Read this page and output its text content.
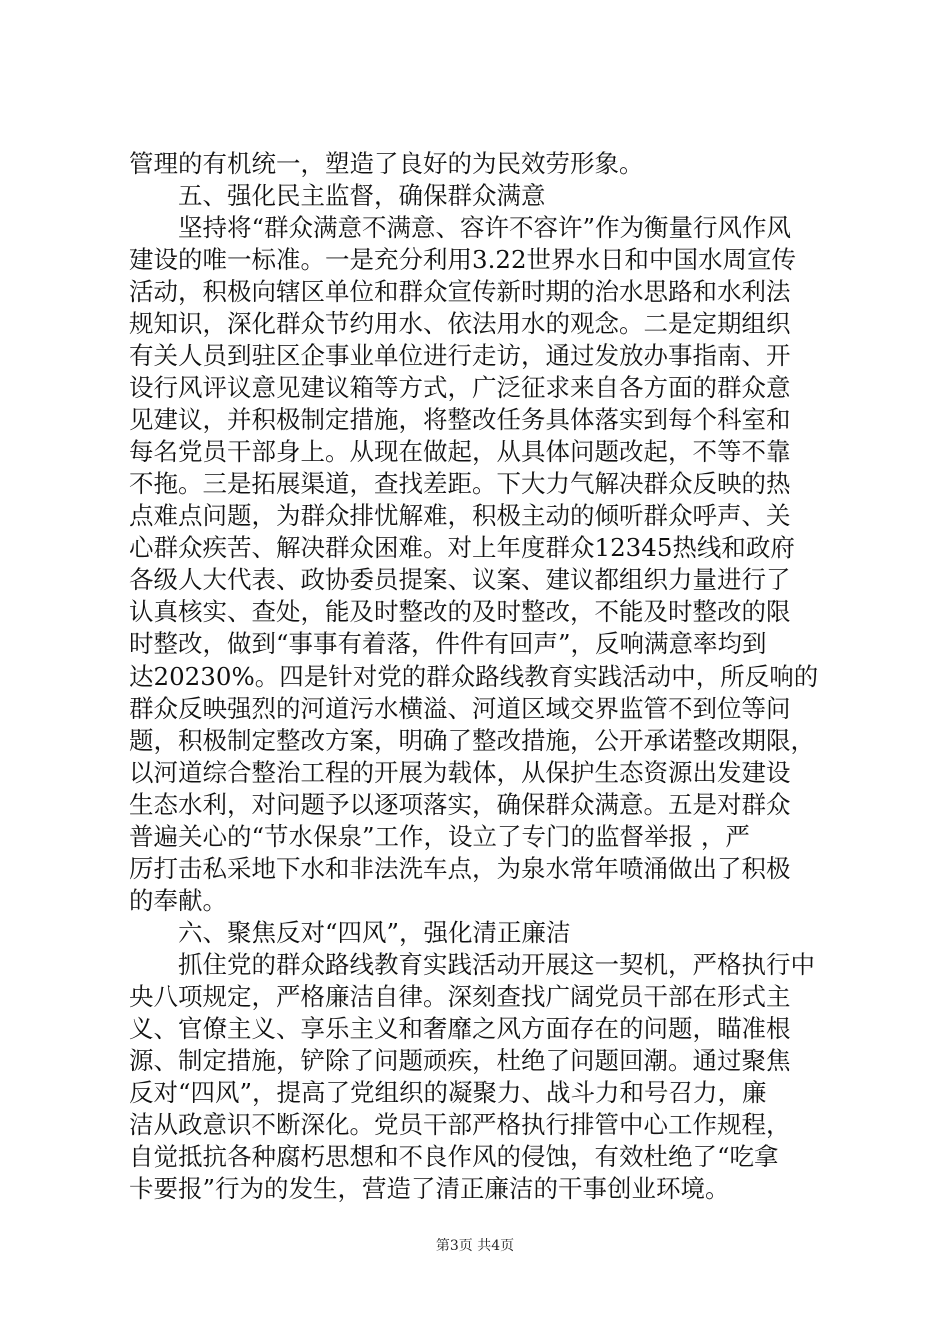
管理的有机统一，塑造了良好的为民效劳形象。
五、强化民主监督，确保群众满意
坚持将“群众满意不满意、容许不容许”作为衡量行风作风
建设的唯一标准。一是充分利用3.22世界水日和中国水周宣传
活动，积极向辖区单位和群众宣传新时期的治水思路和水利法
规知识，深化群众节约用水、依法用水的观念。二是定期组织
有关人员到驻区企事业单位进行走访，通过发放办事指南、开
设行风评议意见建议箱等方式，广泛征求来自各方面的群众意
见建议，并积极制定措施，将整改任务具体落实到每个科室和
每名党员干部身上。从现在做起，从具体问题改起，不等不靠
不拖。三是拓展渠道，查找差距。下大力气解决群众反映的热
点难点问题，为群众排忧解难，积极主动的倾听群众呼声、关
心群众疾苦、解决群众困难。对上年度群众12345热线和政府
各级人大代表、政协委员提案、议案、建议都组织力量进行了
认真核实、查处，能及时整改的及时整改，不能及时整改的限
时整改，做到“事事有着落，件件有回声”，反响满意率均到
达20230%。四是针对党的群众路线教育实践活动中，所反响的
群众反映强烈的河道污水横溢、河道区域交界监管不到位等问
题，积极制定整改方案，明确了整改措施，公开承诺整改期限，
以河道综合整治工程的开展为载体，从保护生态资源出发建设
生态水利，对问题予以逐项落实，确保群众满意。五是对群众
普遍关心的“节水保泉”工作，设立了专门的监督举报 ，严
厉打击私采地下水和非法洗车点，为泉水常年喷涌做出了积极
的奉献。
六、聚焦反对“四风”，强化清正廉洁
抓住党的群众路线教育实践活动开展这一契机，严格执行中
央八项规定，严格廉洁自律。深刻查找广阔党员干部在形式主
义、官僚主义、享乐主义和奢靡之风方面存在的问题，瞄准根
源、制定措施，铲除了问题顽疾，杜绝了问题回潮。通过聚焦
反对“四风”，提高了党组织的凝聚力、战斗力和号召力，廉
洁从政意识不断深化。党员干部严格执行排管中心工作规程，
自觉抵抗各种腐朽思想和不良作风的侵蚀，有效杜绝了“吃拿
卡要报”行为的发生，营造了清正廉洁的干事创业环境。
第3页 共4页
